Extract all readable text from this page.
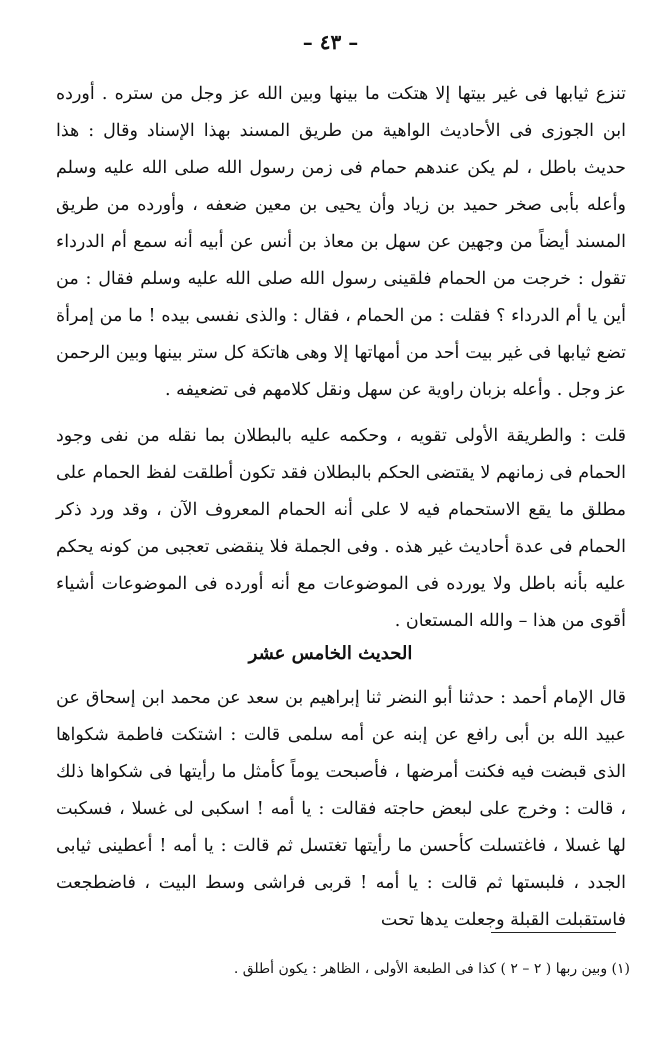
– ٤٣ –

تنزع ثيابها فى غير بيتها إلا هتكت ما بينها وبين الله عز وجل من ستره . أورده ابن الجوزى فى الأحاديث الواهية من طريق المسند بهذا الإسناد وقال : هذا حديث باطل ، لم يكن عندهم حمام فى زمن رسول الله صلى الله عليه وسلم وأعله بأبى صخر حميد بن زياد وأن يحيى بن معين ضعفه ، وأورده من طريق المسند أيضاً من وجهين عن سهل بن معاذ بن أنس عن أبيه أنه سمع أم الدرداء تقول : خرجت من الحمام فلقينى رسول الله صلى الله عليه وسلم فقال : من أين يا أم الدرداء ؟ فقلت : من الحمام ، فقال : والذى نفسى بيده ! ما من إمرأة تضع ثيابها فى غير بيت أحد من أمهاتها إلا وهى هاتكة كل ستر بينها وبين الرحمن عز وجل . وأعله بزبان راوية عن سهل ونقل كلامهم فى تضعيفه .

قلت : والطريقة الأولى تقويه ، وحكمه عليه بالبطلان بما نقله من نفى وجود الحمام فى زمانهم لا يقتضى الحكم بالبطلان فقد تكون أطلقت لفظ الحمام على مطلق ما يقع الاستحمام فيه لا على أنه الحمام المعروف الآن ، وقد ورد ذكر الحمام فى عدة أحاديث غير هذه . وفى الجملة فلا ينقضى تعجبى من كونه يحكم عليه بأنه باطل ولا يورده فى الموضوعات مع أنه أورده فى الموضوعات أشياء أقوى من هذا – والله المستعان .

الحديث الخامس عشر

قال الإمام أحمد : حدثنا أبو النضر ثنا إبراهيم بن سعد عن محمد ابن إسحاق عن عبيد الله بن أبى رافع عن إبنه عن أمه سلمى قالت : اشتكت فاطمة شكواها الذى قبضت فيه فكنت أمرضها ، فأصبحت يوماً كأمثل ما رأيتها فى شكواها ذلك ، قالت : وخرج على لبعض حاجته فقالت : يا أمه ! اسكبى لى غسلا ، فسكبت لها غسلا ، فاغتسلت كأحسن ما رأيتها تغتسل ثم قالت : يا أمه ! أعطينى ثيابى الجدد ، فلبستها ثم قالت : يا أمه ! قربى فراشى وسط البيت ، فاضطجعت فاستقبلت القبلة وجعلت يدها تحت

(١) وبين ربها ( ٢ – ٢ ) كذا فى الطبعة الأولى ، الظاهر : يكون أطلق .
